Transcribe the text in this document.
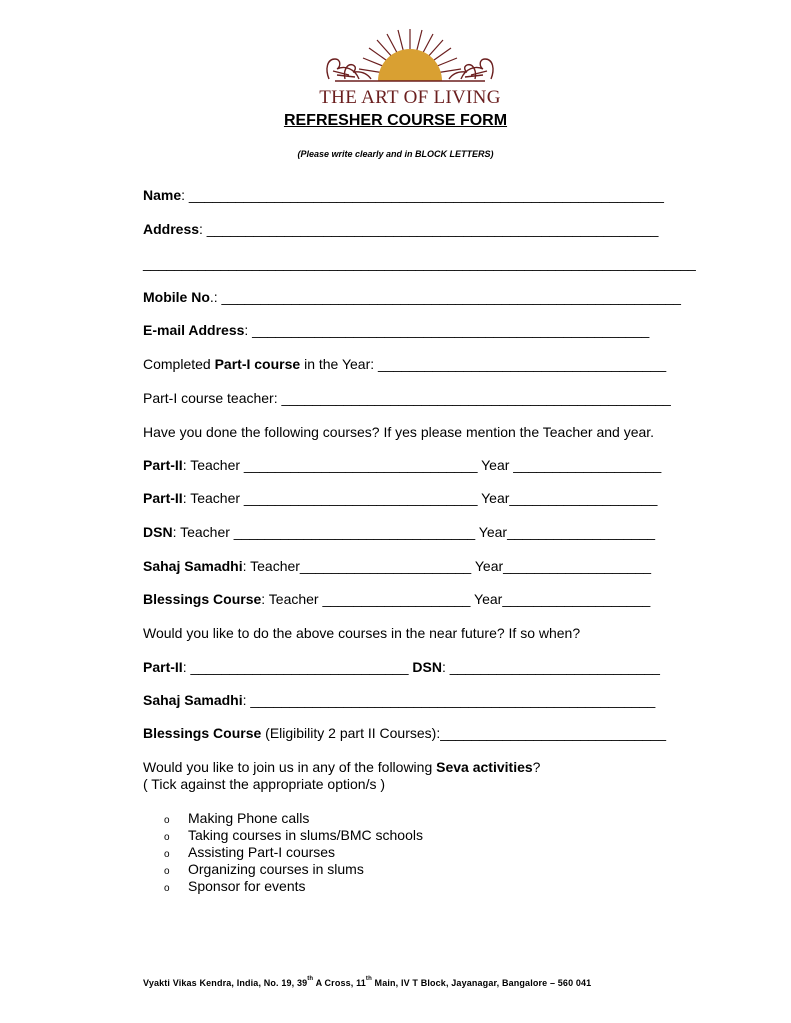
THE ART OF LIVING
REFRESHER COURSE FORM
(Please write clearly and in BLOCK LETTERS)
Name: _____________________________________________________________
Address: __________________________________________________________
_______________________________________________________________________
Mobile No.: ___________________________________________________________
E-mail Address: ___________________________________________________
Completed Part-I course in the Year: _____________________________________
Part-I course teacher: __________________________________________________
Have you done the following courses? If yes please mention the Teacher and year.
Part-II: Teacher ______________________________ Year ___________________
Part-II: Teacher ______________________________ Year___________________
DSN: Teacher _______________________________ Year___________________
Sahaj Samadhi: Teacher______________________ Year___________________
Blessings Course: Teacher ___________________ Year___________________
Would you like to do the above courses in the near future? If so when?
Part-II: ____________________________ DSN: ___________________________
Sahaj Samadhi: ____________________________________________________
Blessings Course (Eligibility 2 part II Courses):_____________________________
Would you like to join us in any of the following Seva activities?
( Tick against the appropriate option/s )
o Making Phone calls
o Taking courses in slums/BMC schools
o Assisting Part-I courses
o Organizing courses in slums
o Sponsor for events
Vyakti Vikas Kendra, India, No. 19, 39th A Cross, 11th Main, IV T Block, Jayanagar, Bangalore – 560 041
